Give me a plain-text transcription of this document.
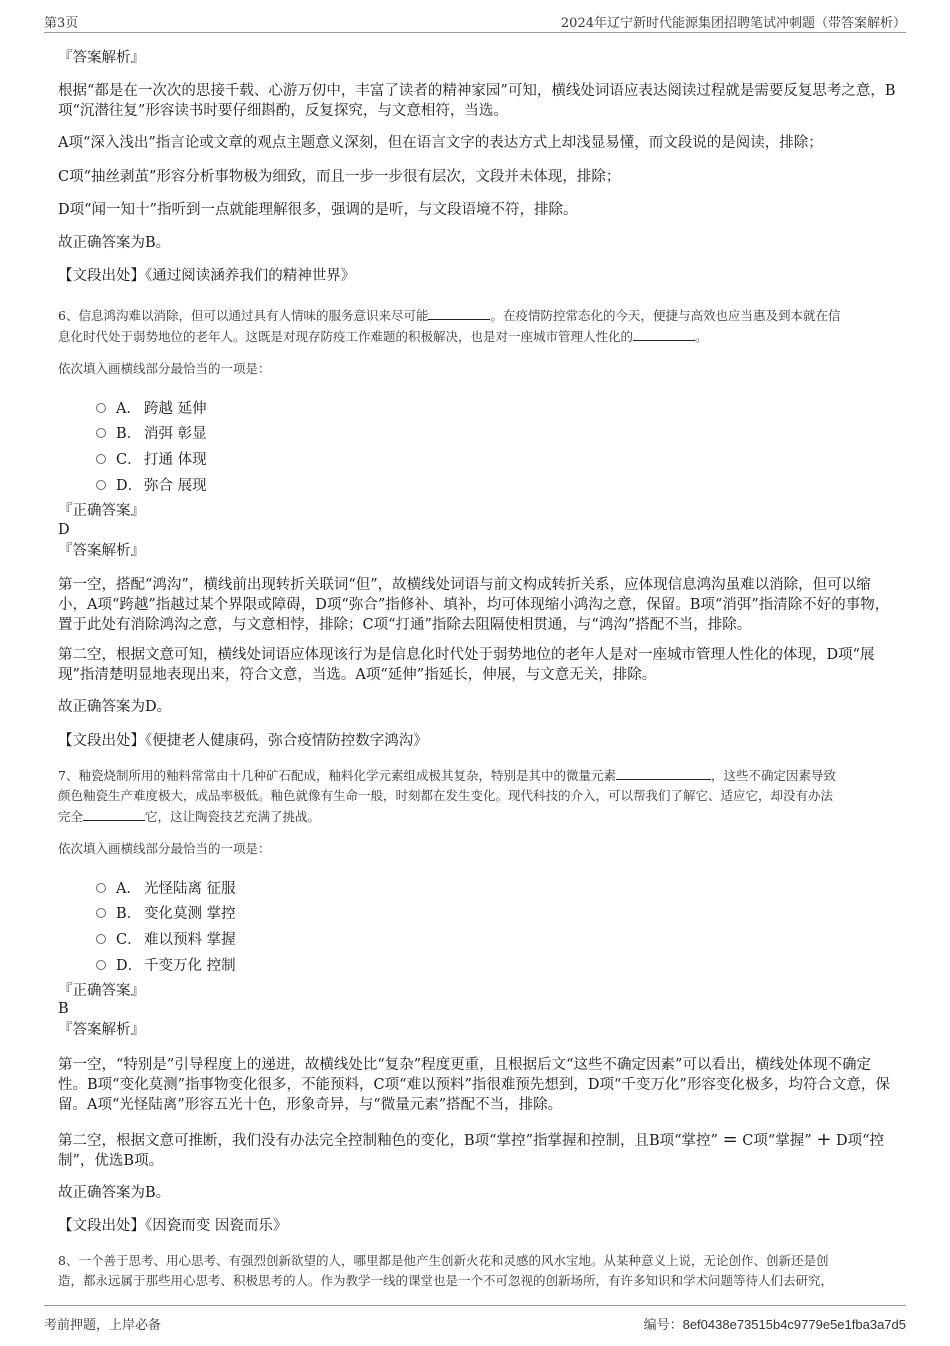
第3页	2024年辽宁新时代能源集团招聘笔试冲刺题（带答案解析）

『答案解析』

根据“都是在一次次的思接千载、心游万仞中，丰富了读者的精神家园”可知，横线处词语应表达阅读过程就是需要反复思考之意，B项“沉潜往复”形容读书时要仔细斟酌，反复探究，与文意相符，当选。

A项“深入浅出”指言论或文章的观点主题意义深刻，但在语言文字的表达方式上却浅显易懂，而文段说的是阅读，排除；

C项“抽丝剥茧”形容分析事物极为细致，而且一步一步很有层次，文段并未体现，排除；

D项“闻一知十”指听到一点就能理解很多，强调的是听，与文段语境不符，排除。

故正确答案为B。

【文段出处】《通过阅读涵养我们的精神世界》

6、信息鸿沟难以消除，但可以通过具有人情味的服务意识来尽可能	。在疫情防控常态化的今天，便捷与高效也应当惠及到本就在信
息化时代处于弱势地位的老年人。这既是对现存防疫工作难题的积极解决，也是对一座城市管理人性化的	。

依次填入画横线部分最恰当的一项是：

A． 跨越 延伸
B． 消弭 彰显
C． 打通 体现
D． 弥合 展现

『正确答案』

D

『答案解析』

第一空，搭配“鸿沟”，横线前出现转折关联词“但”，故横线处词语与前文构成转折关系，应体现信息鸿沟虽难以消除，但可以缩小，A项“跨越”指越过某个界限或障碍，D项“弥合”指修补、填补，均可体现缩小鸿沟之意，保留。B项“消弭”指清除不好的事物，置于此处有消除鸿沟之意，与文意相悖，排除；C项“打通”指除去阻隔使相贯通，与“鸿沟”搭配不当，排除。

第二空，根据文意可知，横线处词语应体现该行为是信息化时代处于弱势地位的老年人是对一座城市管理人性化的体现，D项“展现”指清楚明显地表现出来，符合文意，当选。A项“延伸”指延长，伸展，与文意无关，排除。

故正确答案为D。

【文段出处】《便捷老人健康码，弥合疫情防控数字鸿沟》

7、釉瓷烧制所用的釉料常常由十几种矿石配成，釉料化学元素组成极其复杂，特别是其中的微量元素	，这些不确定因素导致
颜色釉瓷生产难度极大，成品率极低。釉色就像有生命一般，时刻都在发生变化。现代科技的介入，可以帮我们了解它、适应它，却没有办法
完全	它，这让陶瓷技艺充满了挑战。

依次填入画横线部分最恰当的一项是：

A． 光怪陆离 征服
B． 变化莫测 掌控
C． 难以预料 掌握
D． 千变万化 控制

『正确答案』

B

『答案解析』

第一空，“特别是”引导程度上的递进，故横线处比“复杂”程度更重，且根据后文“这些不确定因素”可以看出，横线处体现不确定性。B项“变化莫测”指事物变化很多，不能预料，C项“难以预料”指很难预先想到，D项“千变万化”形容变化极多，均符合文意，保留。A项“光怪陆离”形容五光十色，形象奇异，与“微量元素”搭配不当，排除。

第二空，根据文意可推断，我们没有办法完全控制釉色的变化，B项“掌控”指掌握和控制，且B项“掌控” = C项“掌握” + D项“控制”，优选B项。

故正确答案为B。

【文段出处】《因瓷而变 因瓷而乐》

8、一个善于思考、用心思考、有强烈创新欲望的人，哪里都是他产生创新火花和灵感的风水宝地。从某种意义上说，无论创作、创新还是创
造，都永远属于那些用心思考、积极思考的人。作为教学一线的课堂也是一个不可忽视的创新场所，有许多知识和学术问题等待人们去研究，

考前押题，上岸必备	编号：8ef0438e73515b4c9779e5e1fba3a7d5
